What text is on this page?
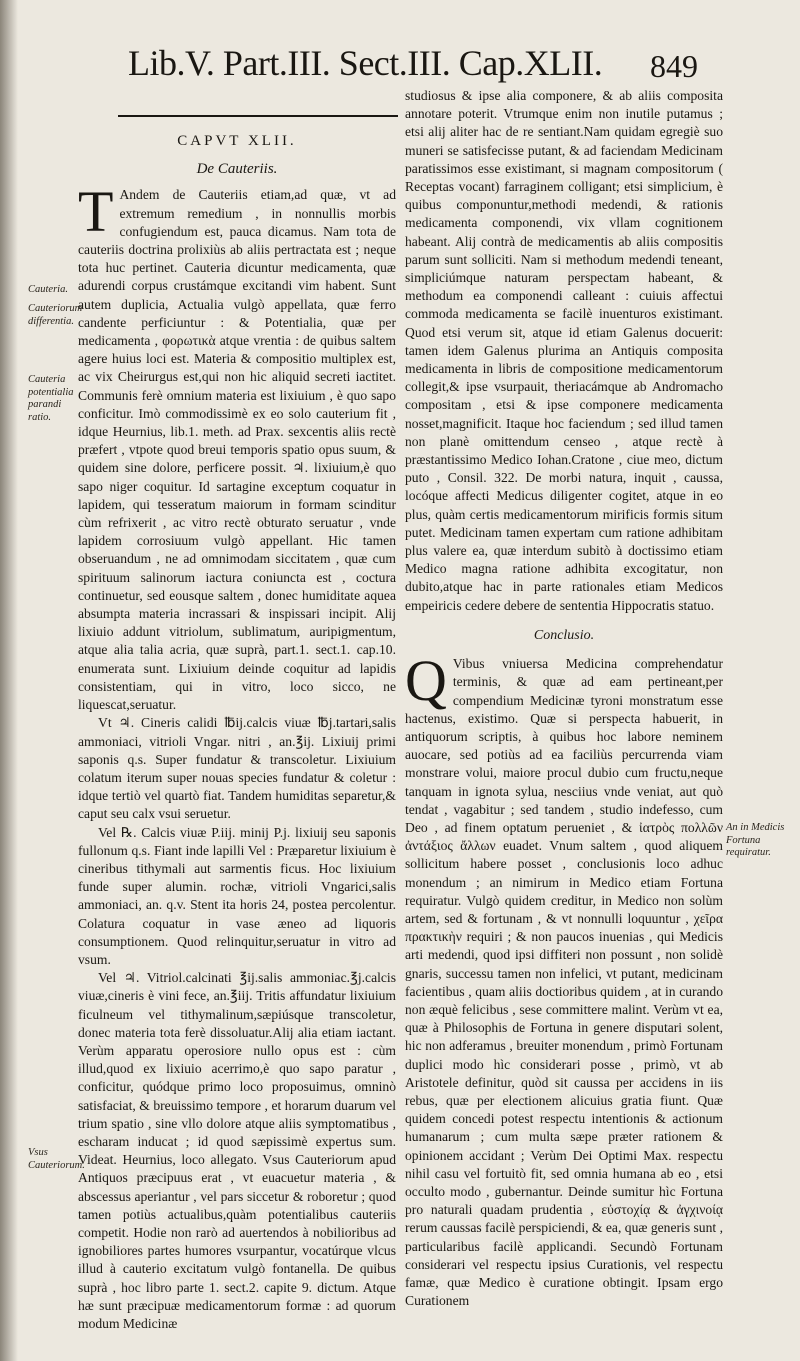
Lib.V. Part.III. Sect.III. Cap.XLII.	849
Cauteria.
Cauteriorum differentia.
Cauteria potentialia parandi ratio.
Vsus Cauteriorum.
An in Medicis Fortuna requiratur.

CAPVT XLII.

De Cauteriis.

T Andem de Cauteriis etiam,ad quæ, vt ad extremum remedium , in nonnullis morbis confugiendum est, pauca dicamus. Nam tota de cauteriis doctrina prolixiùs ab aliis pertractata est ; neque tota huc pertinet. Cauteria dicuntur medicamenta, quæ adurendi corpus crustámque excitandi vim habent. Sunt autem duplicia, Actualia vulgò appellata, quæ ferro candente perficiuntur : & Potentialia, quæ per medicamenta , φορωτικὰ atque vrentia : de quibus saltem agere huius loci est. Materia & compositio multiplex est, ac vix Cheirurgus est,qui non hic aliquid secreti iactitet. Communis ferè omnium materia est lixiuium , è quo sapo conficitur. Imò commodissimè ex eo solo cauterium fit , idque Heurnius, lib.1. meth. ad Prax. sexcentis aliis rectè præfert , vtpote quod breui temporis spatio opus suum, & quidem sine dolore, perficere possit. ♃. lixiuium,è quo sapo niger coquitur. Id sartagine exceptum coquatur in lapidem, qui tesseratum maiorum in formam scinditur cùm refrixerit , ac vitro rectè obturato seruatur , vnde lapidem corrosiuum vulgò appellant. Hic tamen obseruandum , ne ad omnimodam siccitatem , quæ cum spirituum salinorum iactura coniuncta est , coctura continuetur, sed eousque saltem , donec humiditate aquea absumpta materia incrassari & inspissari incipit. Alij lixiuio addunt vitriolum, sublimatum, auripigmentum, atque alia talia acria, quæ suprà, part.1. sect.1. cap.10. enumerata sunt. Lixiuium deinde coquitur ad lapidis consistentiam, qui in vitro, loco sicco, ne liquescat,seruatur.

Vt ♃. Cineris calidi ℔ij.calcis viuæ ℔j.tartari,salis ammoniaci, vitrioli Vngar. nitri , an.℥ij. Lixiuij primi saponis q.s. Super fundatur & transcoletur. Lixiuium colatum iterum super nouas species fundatur & coletur : idque tertiò vel quartò fiat. Tandem humiditas separetur,& caput seu calx vsui seruetur.

Vel ℞. Calcis viuæ P.iij. minij P.j. lixiuij seu saponis fullonum q.s. Fiant inde lapilli Vel : Præparetur lixiuium è cineribus tithymali aut sarmentis ficus. Hoc lixiuium funde super alumin. rochæ, vitrioli Vngarici,salis ammoniaci, an. q.v. Stent ita horis 24, postea percolentur. Colatura coquatur in vase æneo ad liquoris consumptionem. Quod relinquitur,seruatur in vitro ad vsum.

Vel ♃. Vitriol.calcinati ℥ij.salis ammoniac.℥j.calcis viuæ,cineris è vini fece, an.℥iij. Tritis affundatur lixiuium ficulneum vel tithymalinum,sæpiúsque transcoletur, donec materia tota ferè dissoluatur.Alij alia etiam iactant. Verùm apparatu operosiore nullo opus est : cùm illud,quod ex lixiuio acerrimo,è quo sapo paratur , conficitur, quódque primo loco proposuimus, omninò satisfaciat, & breuissimo tempore , et horarum duarum vel trium spatio , sine vllo dolore atque aliis symptomatibus , escharam inducat ; id quod sæpissimè expertus sum. Videat. Heurnius, loco allegato. Vsus Cauteriorum apud Antiquos præcipuus erat , vt euacuetur materia , & abscessus aperiantur , vel pars siccetur & roboretur ; quod tamen potiùs actualibus,quàm potentialibus cauteriis competit. Hodie non rarò ad auertendos à nobilioribus ad ignobiliores partes humores vsurpantur, vocatúrque vlcus illud à cauterio excitatum vulgò fontanella. De quibus suprà , hoc libro parte 1. sect.2. capite 9. dictum. Atque hæ sunt præcipuæ medicamentorum formæ : ad quorum modum Medicinæ

studiosus & ipse alia componere, & ab aliis composita annotare poterit. Vtrumque enim non inutile putamus ; etsi alij aliter hac de re sentiant.Nam quidam egregiè suo muneri se satisfecisse putant, & ad faciendam Medicinam paratissimos esse existimant, si magnam compositorum ( Receptas vocant) farraginem colligant; etsi simplicium, è quibus componuntur,methodi medendi, & rationis medicamenta componendi, vix vllam cognitionem habeant. Alij contrà de medicamentis ab aliis compositis parum sunt solliciti. Nam si methodum medendi teneant, simpliciúmque naturam perspectam habeant, & methodum ea componendi calleant : cuiuis affectui commoda medicamenta se facilè inuenturos existimant. Quod etsi verum sit, atque id etiam Galenus docuerit: tamen idem Galenus plurima an Antiquis composita medicamenta in libris de compositione medicamentorum collegit,& ipse vsurpauit, theriacámque ab Andromacho compositam , etsi & ipse componere medicamenta nosset,magnificit. Itaque hoc faciendum ; sed illud tamen non planè omittendum censeo , atque rectè à præstantissimo Medico Iohan.Cratone , ciue meo, dictum puto , Consil. 322. De morbi natura, inquit , caussa, locóque affecti Medicus diligenter cogitet, atque in eo plus, quàm certis medicamentorum mirificis formis situm putet. Medicinam tamen expertam cum ratione adhibitam plus valere ea, quæ interdum subitò à doctissimo etiam Medico magna ratione adhibita excogitatur, non dubito,atque hac in parte rationales etiam Medicos empeiricis cedere debere de sententia Hippocratis statuo.

Conclusio.

Q Vibus vniuersa Medicina comprehendatur terminis, & quæ ad eam pertineant,per compendium Medicinæ tyroni monstratum esse hactenus, existimo. Quæ si perspecta habuerit, in antiquorum scriptis, à quibus hoc labore neminem auocare, sed potiùs ad ea faciliùs percurrenda viam monstrare volui, maiore procul dubio cum fructu,neque tanquam in ignota sylua, nesciius vnde veniat, aut quò tendat , vagabitur ; sed tandem , studio indefesso, cum Deo , ad finem optatum perueniet , & ἰατρὸς πολλῶν ἀντάξιος ἄλλων euadet. Vnum saltem , quod aliquem sollicitum habere posset , conclusionis loco adhuc monendum ; an nimirum in Medico etiam Fortuna requiratur. Vulgò quidem creditur, in Medico non solùm artem, sed & fortunam , & vt nonnulli loquuntur , χεῖρα πρακτικὴν requiri ; & non paucos inuenias , qui Medicis arti medendi, quod ipsi diffiteri non possunt , non solidè gnaris, successu tamen non infelici, vt putant, medicinam facientibus , quam aliis doctioribus quidem , at in curando non æquè felicibus , sese committere malint. Verùm vt ea, quæ à Philosophis de Fortuna in genere disputari solent, hic non adferamus , breuiter monendum , primò Fortunam duplici modo hìc considerari posse , primò, vt ab Aristotele definitur, quòd sit caussa per accidens in iis rebus, quæ per electionem alicuius gratia fiunt. Quæ quidem concedi potest respectu intentionis & actionum humanarum ; cum multa sæpe præter rationem & opinionem accidant ; Verùm Dei Optimi Max. respectu nihil casu vel fortuitò fit, sed omnia humana ab eo , etsi occulto modo , gubernantur. Deinde sumitur hìc Fortuna pro naturali quadam prudentia , εὐστοχίᾳ & ἀγχινοίᾳ rerum caussas facilè perspiciendi, & ea, quæ generis sunt , particularibus facilè applicandi. Secundò Fortunam considerari vel respectu ipsius Curationis, vel respectu famæ, quæ Medico è curatione obtingit. Ipsam ergo Curationem
